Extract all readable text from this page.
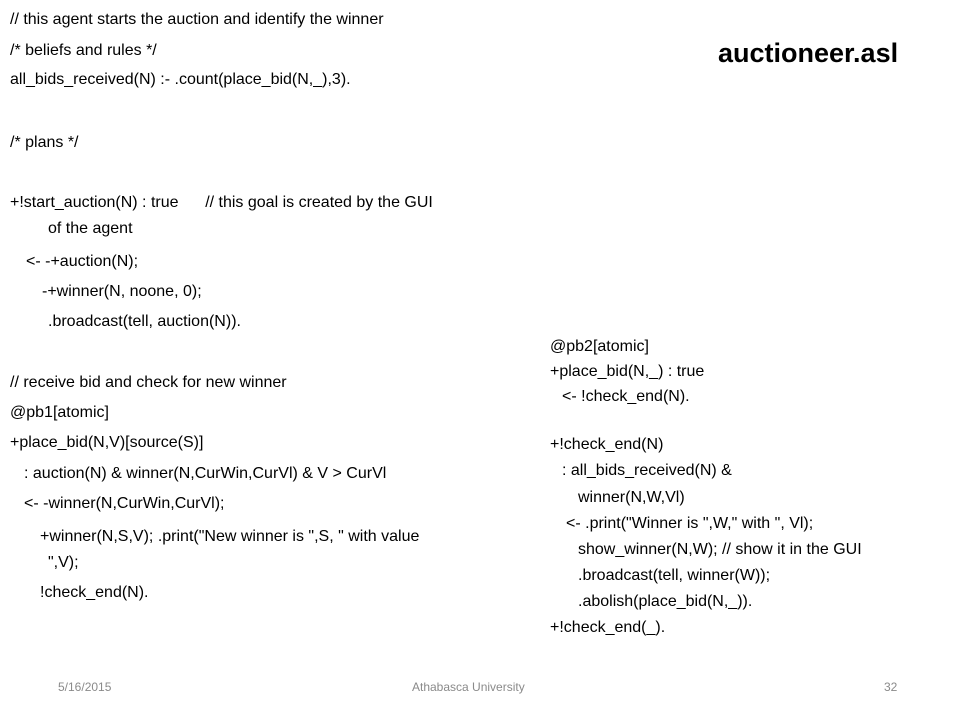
auctioneer.asl

// this agent starts the auction and identify the winner

/* beliefs and rules */

all_bids_received(N) :- .count(place_bid(N,_),3).

/* plans */

+!start_auction(N) : true      // this goal is created by the GUI

of the agent

<- -+auction(N);

-+winner(N, noone, 0);

.broadcast(tell, auction(N)).

// receive bid and check for new winner

@pb1[atomic]

+place_bid(N,V)[source(S)]

: auction(N) & winner(N,CurWin,CurVl) & V > CurVl

<- -winner(N,CurWin,CurVl);

+winner(N,S,V); .print("New winner is ",S, " with value

",V);

!check_end(N).

@pb2[atomic]

+place_bid(N,_) : true

<- !check_end(N).

+!check_end(N)

: all_bids_received(N) &

winner(N,W,Vl)

<- .print("Winner is ",W," with ", Vl);

show_winner(N,W); // show it in the GUI

.broadcast(tell, winner(W));

.abolish(place_bid(N,_)).

+!check_end(_).

5/16/2015	Athabasca University	32
